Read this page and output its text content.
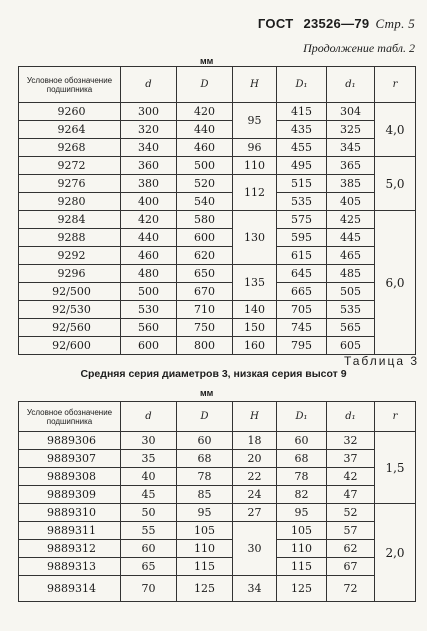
ГОСТ 23526—79 Стр. 5
Продолжение табл. 2
мм
Условное обозначение подшипника	d	D	H	D₁	d₁	r
9260	300	420	95	415	304	4,0
9264	320	440		435	325	
9268	340	460	96	455	345	
9272	360	500	110	495	365	5,0
9276	380	520	112	515	385	
9280	400	540		535	405	
9284	420	580	130	575	425	6,0
9288	440	600		595	445	
9292	460	620		615	465	
9296	480	650	135	645	485	
92/500	500	670		665	505	
92/530	530	710	140	705	535	
92/560	560	750	150	745	565	
92/600	600	800	160	795	605	
Таблица 3
Средняя серия диаметров 3, низкая серия высот 9
мм
Условное обозначение подшипника	d	D	H	D₁	d₁	r
9889306	30	60	18	60	32	1,5
9889307	35	68	20	68	37	
9889308	40	78	22	78	42	
9889309	45	85	24	82	47	
9889310	50	95	27	95	52	2,0
9889311	55	105	30	105	57	
9889312	60	110		110	62	
9889313	65	115		115	67	
9889314	70	125	34	125	72	
